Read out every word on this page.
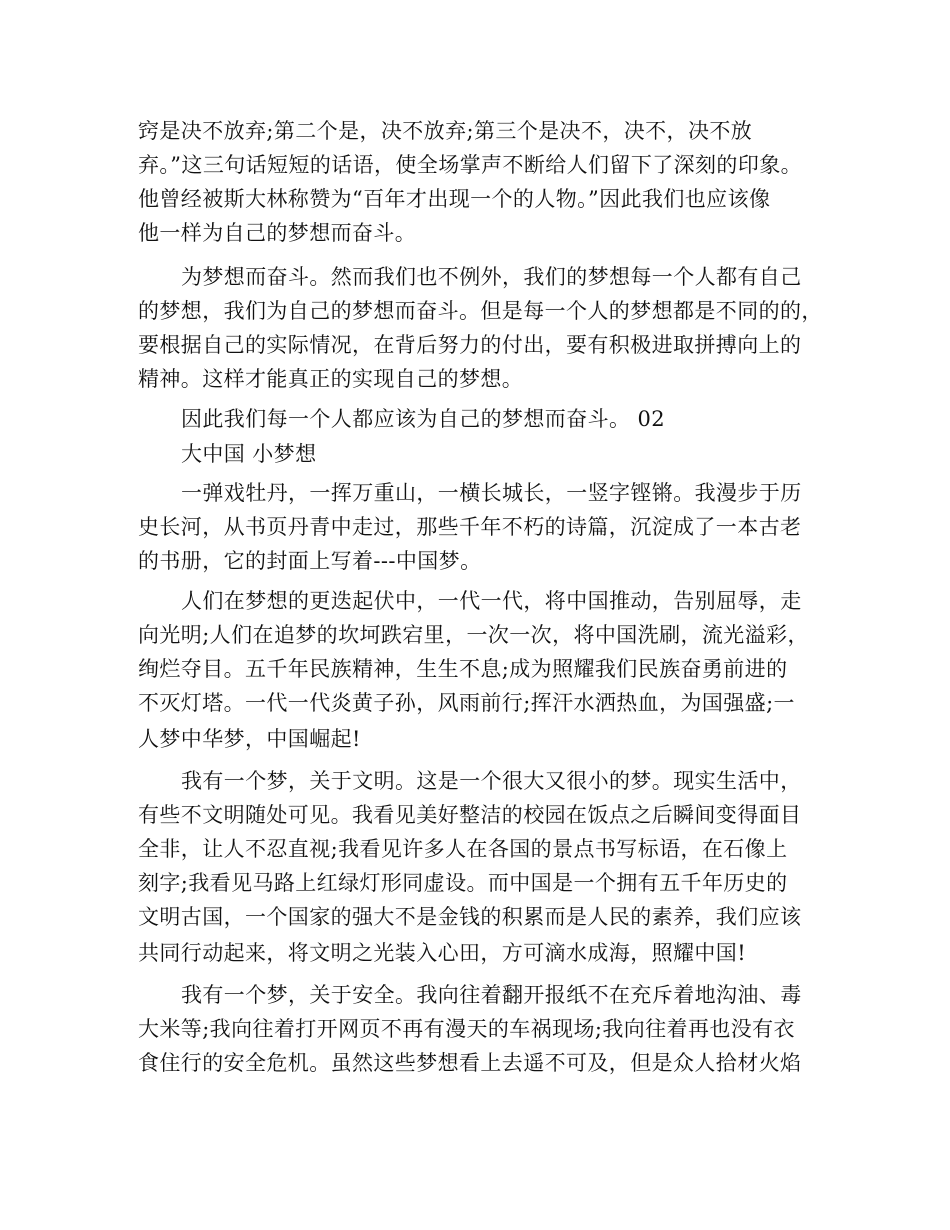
窍是决不放弃;第二个是，决不放弃;第三个是决不，决不，决不放
弃。”这三句话短短的话语，使全场掌声不断给人们留下了深刻的印象。
他曾经被斯大林称赞为“百年才出现一个的人物。”因此我们也应该像
他一样为自己的梦想而奋斗。
为梦想而奋斗。然而我们也不例外，我们的梦想每一个人都有自己
的梦想，我们为自己的梦想而奋斗。但是每一个人的梦想都是不同的的，
要根据自己的实际情况，在背后努力的付出，要有积极进取拼搏向上的
精神。这样才能真正的实现自己的梦想。
因此我们每一个人都应该为自己的梦想而奋斗。 02
大中国 小梦想
一弹戏牡丹，一挥万重山，一横长城长，一竖字铿锵。我漫步于历
史长河，从书页丹青中走过，那些千年不朽的诗篇，沉淀成了一本古老
的书册，它的封面上写着---中国梦。
人们在梦想的更迭起伏中，一代一代，将中国推动，告别屈辱，走
向光明;人们在追梦的坎坷跌宕里，一次一次，将中国洗刷，流光溢彩，
绚烂夺目。五千年民族精神，生生不息;成为照耀我们民族奋勇前进的
不灭灯塔。一代一代炎黄子孙，风雨前行;挥汗水洒热血，为国强盛;一
人梦中华梦，中国崛起!
我有一个梦，关于文明。这是一个很大又很小的梦。现实生活中，
有些不文明随处可见。我看见美好整洁的校园在饭点之后瞬间变得面目
全非，让人不忍直视;我看见许多人在各国的景点书写标语，在石像上
刻字;我看见马路上红绿灯形同虚设。而中国是一个拥有五千年历史的
文明古国，一个国家的强大不是金钱的积累而是人民的素养，我们应该
共同行动起来，将文明之光装入心田，方可滴水成海，照耀中国!
我有一个梦，关于安全。我向往着翻开报纸不在充斥着地沟油、毒
大米等;我向往着打开网页不再有漫天的车祸现场;我向往着再也没有衣
食住行的安全危机。虽然这些梦想看上去遥不可及，但是众人拾材火焰
